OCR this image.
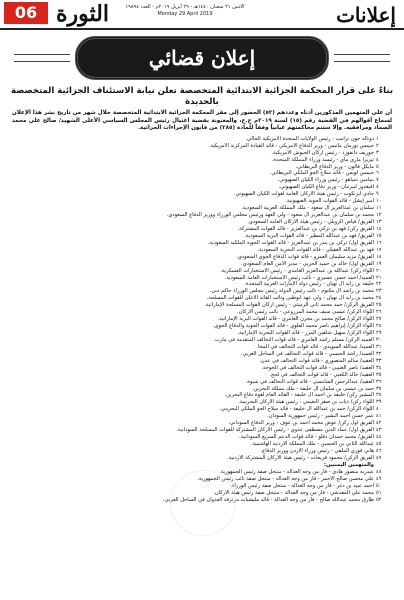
إعلانات
الاثنين ٢١ شعبان ١٤٤٠هـ - ٢٩ أبريل ٢٠١٩م - العدد ١٩٨٩٤
Monday 29 April 2019
الثورة
06
إعلان قضائي
بناءً على قرار المحكمة الجزائية الابتدائية المتخصصة تعلن نيابة الاستئناف الجزائية المتخصصة بالحديدة
أن على المتهمين المذكورين أدناه وعددهم (٥٢) الحضور إلى مقر المحكمة الجزائية الابتدائية المتخصصة خلال شهر من تاريخ نشر هذا الإعلان لسماع أقوالهم في القضية رقم (١٥) لسنة ٢٠١٩م ج.ج، والمعنونة بقضية اغتيال رئيس المجلس السياسي الأعلى الشهيد/ صالح علي محمد الصماد ومرافقيه. وإلا ستتم محاكمتهم غيابياً وفقاً للمادة (٢٨٥) من قانون الإجراءات الجزائية.
١
دونالد جون ترامب - رئيس الولايات المتحدة الأمريكية الحالي.
٢
جيمس نورمان ماتيس - وزير الدفاع الأمريكي - قائد القيادة المركزية الأمريكية.
٣
جوزيف دانفورد - رئيس أركان الجيوش الأمريكية.
٤
تيريزا ماري ماي - رئيسة وزراء المملكة المتحدة.
٥
مايكل فالون - وزير الدفاع البريطاني.
٦
جيمس لويس - قائد سلاح الجو الملكي البريطاني.
٧
بنيامين نتنياهو - رئيس وزراء الكيان الصهيوني.
٨
أفيغدور ليبرمان - وزير دفاع الكيان الصهيوني.
٩
جادي آيزنكوت - رئيس هيئة الأركان العامة لقوات الكيان الصهيوني.
١٠
أمير إيشل - قائد القوات الجوية الصهيونية.
١١
سلمان بن عبدالعزيز آل سعود - ملك المملكة العربية السعودية.
١٢
محمد بن سلمان بن عبدالعزيز آل سعود - ولي العهد ورئيس مجلس الوزراء ووزير الدفاع السعودي.
١٣
الفريق/ فياض الرويلي - رئيس هيئة الأركان العامة السعودي.
١٤
الفريق ركن/ فهد بن تركي بن عبدالعزيز - قائد القوات المشتركة.
١٥
الفريق/ فهد بن عبدالله المطير - قائد القوات البرية السعودية.
١٦
الفريق أول/ تركي بن بندر بن عبدالعزيز - قائد القوات الجوية الملكية السعودية.
١٧
فهد بن عبدالله الغفيلي - قائد القوات البحرية السعودية.
١٨
الفريق/ مزيد سليمان العمرو - قائد قوات الدفاع الجوي السعودي.
١٩
الفريق أول/ خالد بن حميد الحربي - مدير الأمن العام السعودي.
٢٠
اللواء ركن/ عبدالله بن عبدالعزيز الغامدي - رئيس الاستخبارات العسكرية.
٢١
العميد/ أحمد حسن عسيري - نائب رئيس الاستخبارات العامة السعودية.
٢٢
خليفة بن زايد آل نهيان - رئيس دولة الإمارات العربية المتحدة.
٢٣
محمد بن راشد آل مكتوم - نائب رئيس الدولة رئيس مجلس الوزراء حاكم دبي.
٢٤
محمد بن زايد آل نهيان - ولي عهد أبوظبي ونائب القائد الأعلى للقوات المسلحة.
٢٥
الفريق الركن/ حمد محمد ثاني الرميثي - رئيس أركان القوات المسلحة الإماراتية.
٢٦
اللواء الركن/ عيسى سيف محمد المزروعي - نائب رئيس الأركان.
٢٧
اللواء الركن/ صالح محمد بن مجرن العامري - قائد القوات البرية الإماراتية.
٢٨
اللواء الركن/ إبراهيم ناصر محمد العلوي - قائد القوات الجوية والدفاع الجوي.
٢٩
اللواء الركن/ سهيل شاهين المرر - قائد القوات البحرية الإماراتية.
٣٠
العميد الركن/ مسلم راشد العامري - قائد قوات التحالف المتقدمة في مأرب.
٣١
العميد/ عبدالله السويدي - قائد قوات التحالف في المخا.
٣٢
العميد/ راشد الحبسي - قائد قوات التحالف في الساحل الغربي.
٣٣
العقيد/ سالم المنصوري - قائد قوات التحالف في عدن.
٣٤
العقيد/ ناصر العتيبي - قائد قوات التحالف في الخوخة.
٣٥
العقيد/ خالد الكعبي - قائد قوات التحالف في لحج.
٣٦
العقيد/ عبدالرحمن الشامسي - قائد قوات التحالف في شبوة.
٣٧
حمد بن عيسى بن سلمان آل خليفة - ملك مملكة البحرين.
٣٨
المشير ركن/ خليفة بن أحمد آل خليفة - القائد العام لقوة دفاع البحرين.
٣٩
اللواء ركن/ ذياب بن صقر النعيمي - رئيس هيئة الأركان البحرينية.
٤٠
اللواء الركن/ حمد بن عبدالله آل خليفة - قائد سلاح الجو الملكي البحريني.
٤١
عمر حسن أحمد البشير - رئيس جمهورية السودان.
٤٢
الفريق أول ركن/ عوض محمد أحمد بن عوف - وزير الدفاع السوداني.
٤٣
الفريق أول/ عماد الدين مصطفى عدوي - رئيس الأركان المشتركة للقوات المسلحة السودانية.
٤٤
الفريق/ محمد حمدان دقلو - قائد قوات الدعم السريع السودانية.
٤٥
عبدالله الثاني بن الحسين - ملك المملكة الأردنية الهاشمية.
٤٦
هاني فوزي الملقي - رئيس وزراء الأردن ووزير الدفاع.
٤٧
الفريق الركن/ محمود فريحات - رئيس هيئة الأركان المشتركة الأردنية.
والمتهمين اليمنيين:
٤٨
عبدربه منصور هادي - فار من وجه العدالة - منتحل صفة رئيس الجمهورية.
٤٩
علي محسن صالح الأحمر - فار من وجه العدالة - منتحل صفة نائب رئيس الجمهورية.
٥٠
أحمد عبيد بن دغر - فار من وجه العدالة - منتحل صفة رئيس الوزراء.
٥١
محمد علي المقدشي - فار من وجه العدالة - منتحل صفة رئيس هيئة الأركان.
٥٢
طارق محمد عبدالله صالح - فار من وجه العدالة - قائد مليشيات مرتزقة العدوان في الساحل الغربي.
